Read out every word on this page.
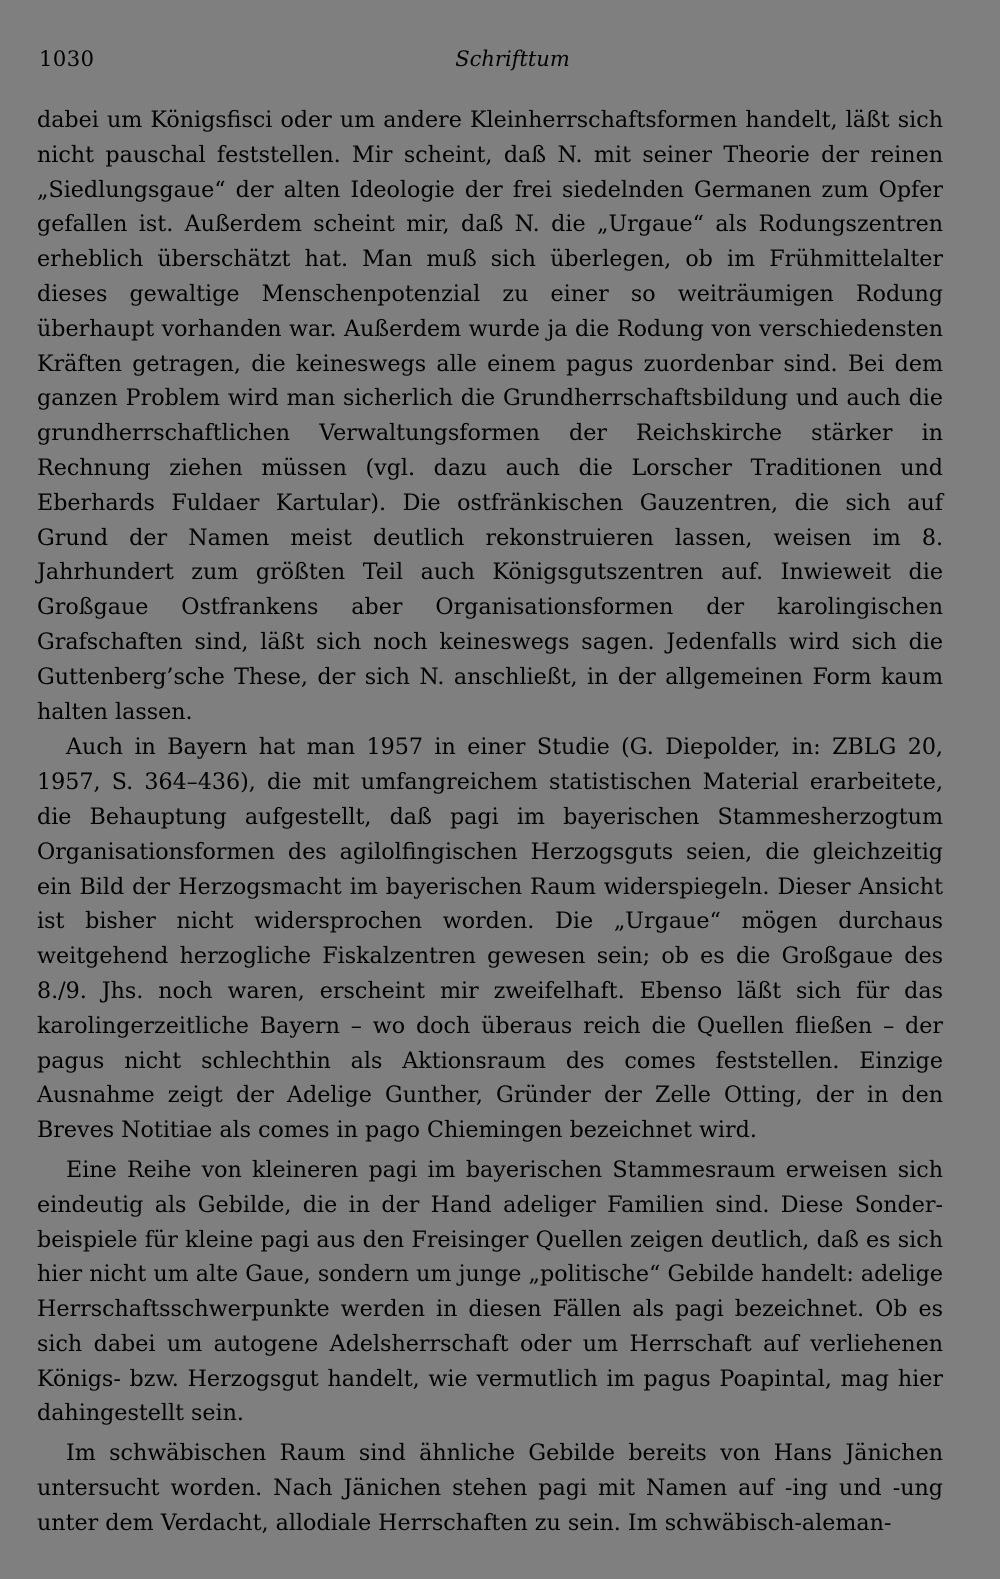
1030	Schrifttum

dabei um Königsfisci oder um andere Kleinherrschaftsformen handelt, läßt sich nicht pauschal feststellen. Mir scheint, daß N. mit seiner Theorie der reinen „Siedlungsgaue“ der alten Ideologie der frei siedelnden Germanen zum Opfer gefallen ist. Außerdem scheint mir, daß N. die „Urgaue“ als Rodungszentren erheblich überschätzt hat. Man muß sich überlegen, ob im Frühmittelalter dieses gewaltige Menschenpotenzial zu einer so weiträumigen Rodung überhaupt vorhanden war. Außerdem wurde ja die Rodung von verschiedensten Kräften getragen, die keineswegs alle einem pagus zuordenbar sind. Bei dem ganzen Problem wird man sicherlich die Grundherrschaftsbildung und auch die grundherrschaftlichen Verwaltungsformen der Reichskirche stärker in Rechnung ziehen müssen (vgl. dazu auch die Lorscher Traditionen und Eberhards Fuldaer Kartular). Die ostfränkischen Gauzentren, die sich auf Grund der Namen meist deutlich rekonstruieren lassen, weisen im 8. Jahrhundert zum größten Teil auch Königsgutszentren auf. Inwieweit die Großgaue Ostfrankens aber Organisationsformen der karolingischen Grafschaften sind, läßt sich noch keineswegs sagen. Jedenfalls wird sich die Guttenberg’sche These, der sich N. anschließt, in der allgemeinen Form kaum halten lassen.

Auch in Bayern hat man 1957 in einer Studie (G. Diepolder, in: ZBLG 20, 1957, S. 364–436), die mit umfangreichem statistischen Material erarbeitete, die Behauptung aufgestellt, daß pagi im bayerischen Stammesherzogtum Organisationsformen des agilolfingischen Herzogsguts seien, die gleichzeitig ein Bild der Herzogsmacht im bayerischen Raum widerspiegeln. Dieser Ansicht ist bisher nicht widersprochen worden. Die „Urgaue“ mögen durchaus weitgehend herzogliche Fiskalzentren gewesen sein; ob es die Großgaue des 8./9. Jhs. noch waren, erscheint mir zweifelhaft. Ebenso läßt sich für das karolingerzeitliche Bayern – wo doch überaus reich die Quellen fließen – der pagus nicht schlechthin als Aktionsraum des comes feststellen. Einzige Ausnahme zeigt der Adelige Gunther, Gründer der Zelle Otting, der in den Breves Notitiae als comes in pago Chiemingen bezeichnet wird.

Eine Reihe von kleineren pagi im bayerischen Stammesraum erweisen sich eindeutig als Gebilde, die in der Hand adeliger Familien sind. Diese Sonderbeispiele für kleine pagi aus den Freisinger Quellen zeigen deutlich, daß es sich hier nicht um alte Gaue, sondern um junge „politische“ Gebilde handelt: adelige Herrschaftsschwerpunkte werden in diesen Fällen als pagi bezeichnet. Ob es sich dabei um autogene Adelsherrschaft oder um Herrschaft auf verliehenen Königs- bzw. Herzogsgut handelt, wie vermutlich im pagus Poapintal, mag hier dahingestellt sein.

Im schwäbischen Raum sind ähnliche Gebilde bereits von Hans Jänichen untersucht worden. Nach Jänichen stehen pagi mit Namen auf -ing und -ung unter dem Verdacht, allodiale Herrschaften zu sein. Im schwäbisch-aleman-
